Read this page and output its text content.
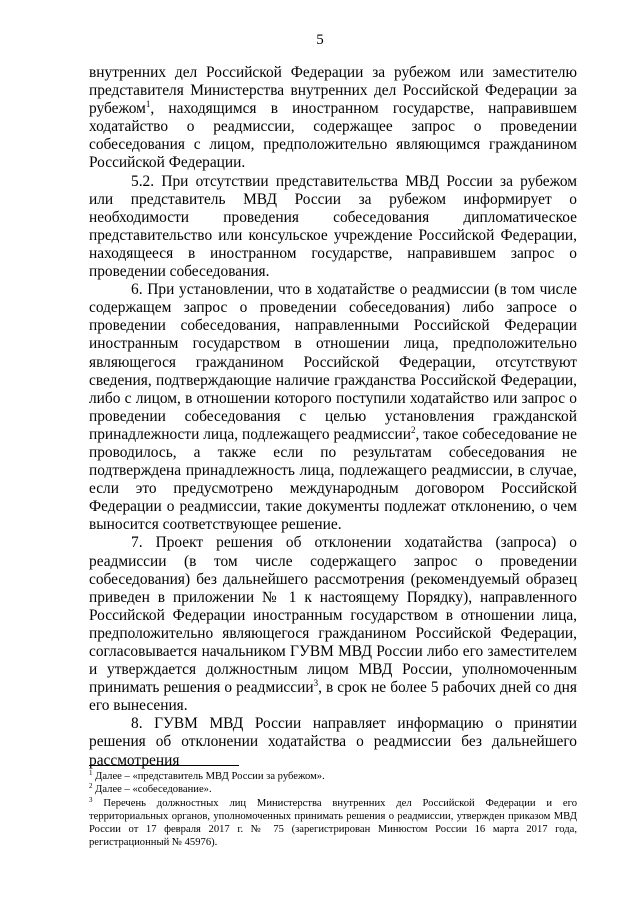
5

внутренних дел Российской Федерации за рубежом или заместителю представителя Министерства внутренних дел Российской Федерации за рубежом$^1$, находящимся в иностранном государстве, направившем ходатайство о реадмиссии, содержащее запрос о проведении собеседования с лицом, предположительно являющимся гражданином Российской Федерации.

5.2. При отсутствии представительства МВД России за рубежом или представитель МВД России за рубежом информирует о необходимости проведения собеседования дипломатическое представительство или консульское учреждение Российской Федерации, находящееся в иностранном государстве, направившем запрос о проведении собеседования.

6. При установлении, что в ходатайстве о реадмиссии (в том числе содержащем запрос о проведении собеседования) либо запросе о проведении собеседования, направленными Российской Федерации иностранным государством в отношении лица, предположительно являющегося гражданином Российской Федерации, отсутствуют сведения, подтверждающие наличие гражданства Российской Федерации, либо с лицом, в отношении которого поступили ходатайство или запрос о проведении собеседования с целью установления гражданской принадлежности лица, подлежащего реадмиссии$^2$, такое собеседование не проводилось, а также если по результатам собеседования не подтверждена принадлежность лица, подлежащего реадмиссии, в случае, если это предусмотрено международным договором Российской Федерации о реадмиссии, такие документы подлежат отклонению, о чем выносится соответствующее решение.

7. Проект решения об отклонении ходатайства (запроса) о реадмиссии (в том числе содержащего запрос о проведении собеседования) без дальнейшего рассмотрения (рекомендуемый образец приведен в приложении № 1 к настоящему Порядку), направленного Российской Федерации иностранным государством в отношении лица, предположительно являющегося гражданином Российской Федерации, согласовывается начальником ГУВМ МВД России либо его заместителем и утверждается должностным лицом МВД России, уполномоченным принимать решения о реадмиссии$^3$, в срок не более 5 рабочих дней со дня его вынесения.

8. ГУВМ МВД России направляет информацию о принятии решения об отклонении ходатайства о реадмиссии без дальнейшего рассмотрения

$^1$ Далее – «представитель МВД России за рубежом».

$^2$ Далее – «собеседование».

$^3$ Перечень должностных лиц Министерства внутренних дел Российской Федерации и его территориальных органов, уполномоченных принимать решения о реадмиссии, утвержден приказом МВД России от 17 февраля 2017 г. № 75 (зарегистрирован Минюстом России 16 марта 2017 года, регистрационный № 45976).
